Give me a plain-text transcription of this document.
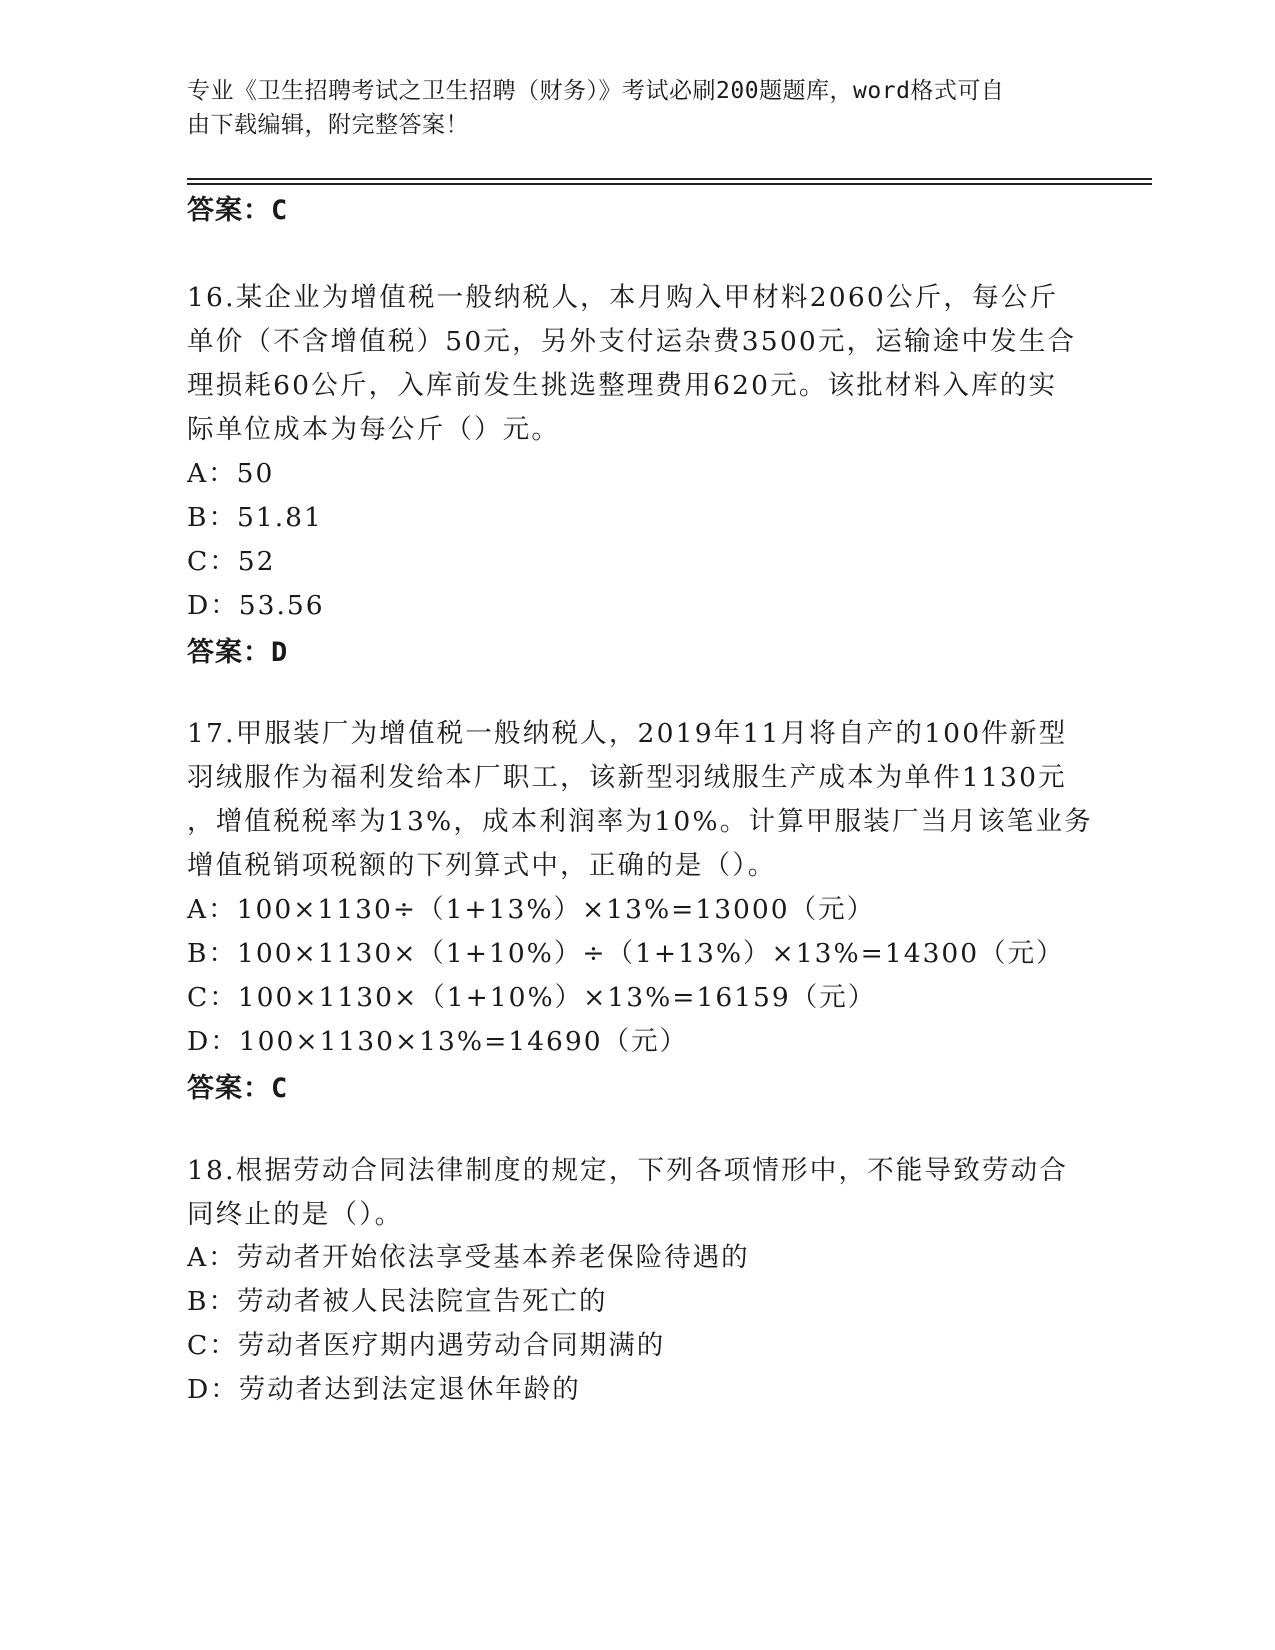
专业《卫生招聘考试之卫生招聘（财务）》考试必刷200题题库，word格式可自
由下载编辑，附完整答案！
答案：C
16.某企业为增值税一般纳税人，本月购入甲材料2060公斤，每公斤
单价（不含增值税）50元，另外支付运杂费3500元，运输途中发生合
理损耗60公斤，入库前发生挑选整理费用620元。该批材料入库的实
际单位成本为每公斤（）元。
A：50
B：51.81
C：52
D：53.56
答案：D
17.甲服装厂为增值税一般纳税人，2019年11月将自产的100件新型
羽绒服作为福利发给本厂职工，该新型羽绒服生产成本为单件1130元
，增值税税率为13%，成本利润率为10%。计算甲服装厂当月该笔业务
增值税销项税额的下列算式中，正确的是（）。
A：100×1130÷（1+13%）×13%=13000（元）
B：100×1130×（1+10%）÷（1+13%）×13%=14300（元）
C：100×1130×（1+10%）×13%=16159（元）
D：100×1130×13%=14690（元）
答案：C
18.根据劳动合同法律制度的规定，下列各项情形中，不能导致劳动合
同终止的是（）。
A：劳动者开始依法享受基本养老保险待遇的
B：劳动者被人民法院宣告死亡的
C：劳动者医疗期内遇劳动合同期满的
D：劳动者达到法定退休年龄的
